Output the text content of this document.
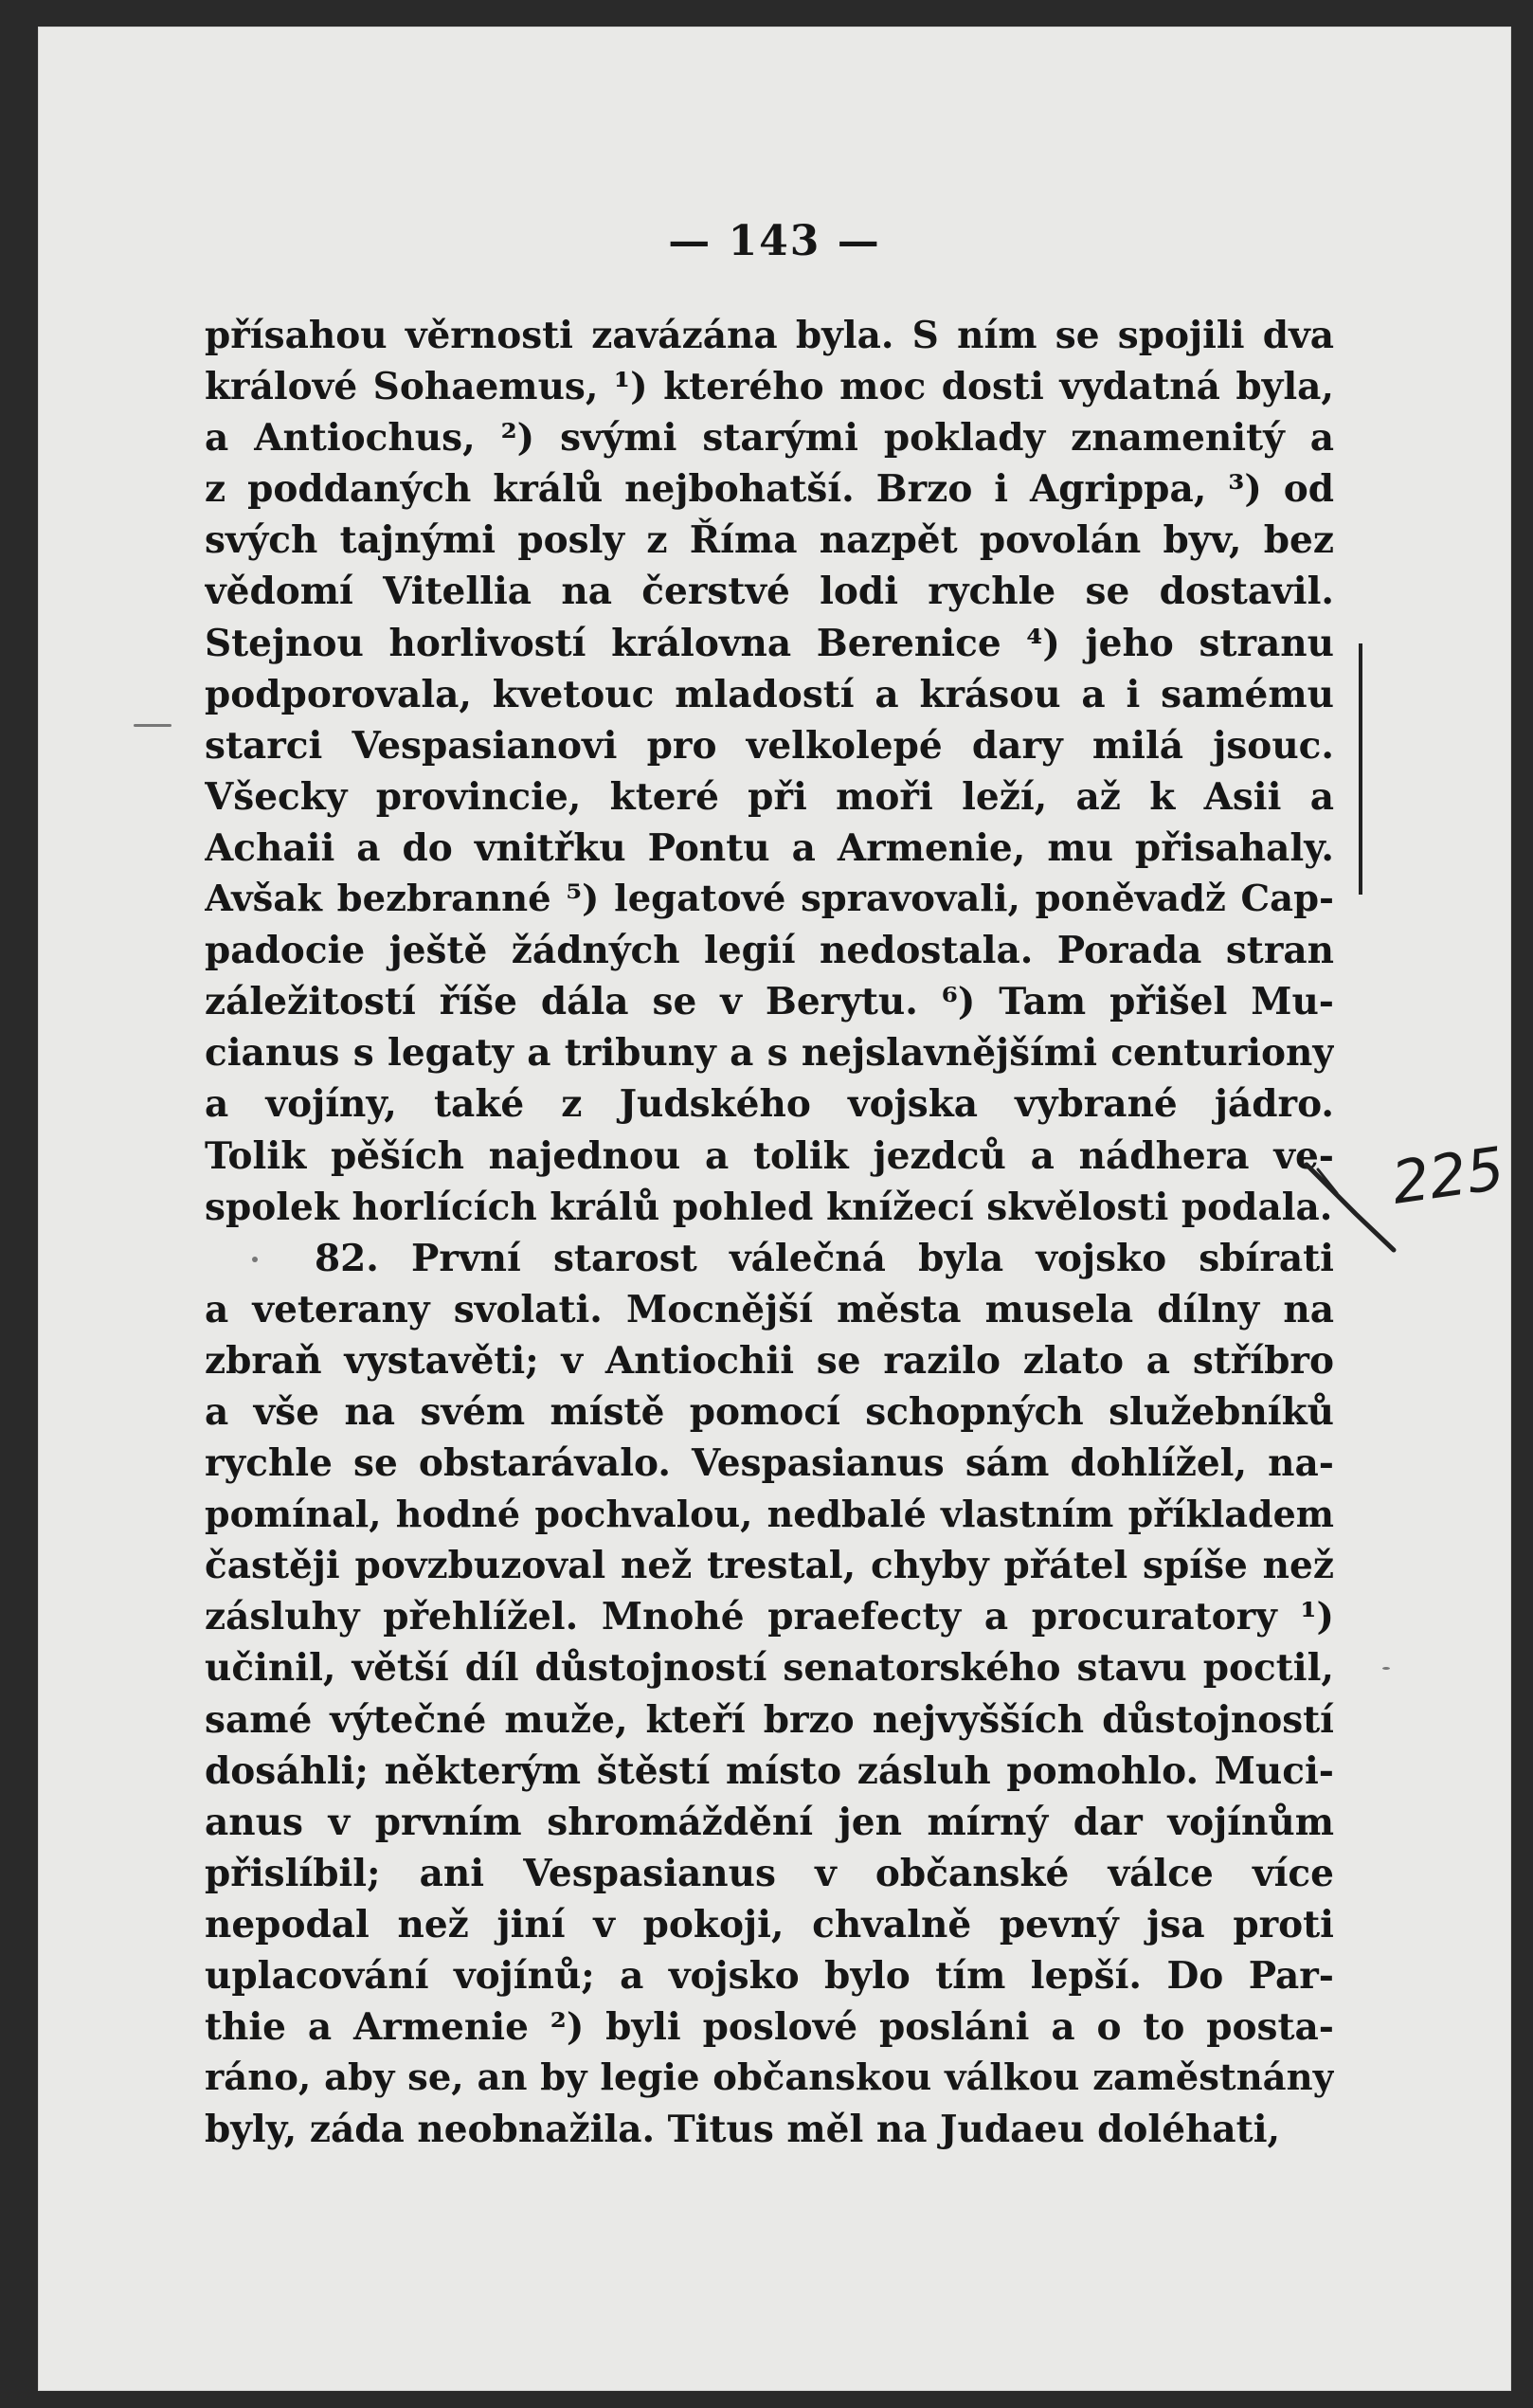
— 143 —
přísahou věrnosti zavázána byla. S ním se spojili dva
králové Sohaemus, ¹) kterého moc dosti vydatná byla,
a Antiochus, ²) svými starými poklady znamenitý a
z poddaných králů nejbohatší. Brzo i Agrippa, ³) od
svých tajnými posly z Říma nazpět povolán byv, bez
vědomí Vitellia na čerstvé lodi rychle se dostavil.
Stejnou horlivostí královna Berenice ⁴) jeho stranu
podporovala, kvetouc mladostí a krásou a i samému
starci Vespasianovi pro velkolepé dary milá jsouc.
Všecky provincie, které při moři leží, až k Asii a
Achaii a do vnitřku Pontu a Armenie, mu přisahaly.
Avšak bezbranné ⁵) legatové spravovali, poněvadž Cap-
padocie ještě žádných legií nedostala. Porada stran
záležitostí říše dála se v Berytu. ⁶) Tam přišel Mu-
cianus s legaty a tribuny a s nejslavnějšími centuriony
a vojíny, také z Judského vojska vybrané jádro.
Tolik pěších najednou a tolik jezdců a nádhera ve-
spolek horlících králů pohled knížecí skvělosti podala.
82. První starost válečná byla vojsko sbírati
a veterany svolati. Mocnější města musela dílny na
zbraň vystavěti; v Antiochii se razilo zlato a stříbro
a vše na svém místě pomocí schopných služebníků
rychle se obstarávalo. Vespasianus sám dohlížel, na-
pomínal, hodné pochvalou, nedbalé vlastním příkladem
častěji povzbuzoval než trestal, chyby přátel spíše než
zásluhy přehlížel. Mnohé praefecty a procuratory ¹)
učinil, větší díl důstojností senatorského stavu poctil,
samé výtečné muže, kteří brzo nejvyšších důstojností
dosáhli; některým štěstí místo zásluh pomohlo. Muci-
anus v prvním shromáždění jen mírný dar vojínům
přislíbil; ani Vespasianus v občanské válce více
nepodal než jiní v pokoji, chvalně pevný jsa proti
uplacování vojínů; a vojsko bylo tím lepší. Do Par-
thie a Armenie ²) byli poslové posláni a o to posta-
ráno, aby se, an by legie občanskou válkou zaměstnány
byly, záda neobnažila. Titus měl na Judaeu doléhati,
225
